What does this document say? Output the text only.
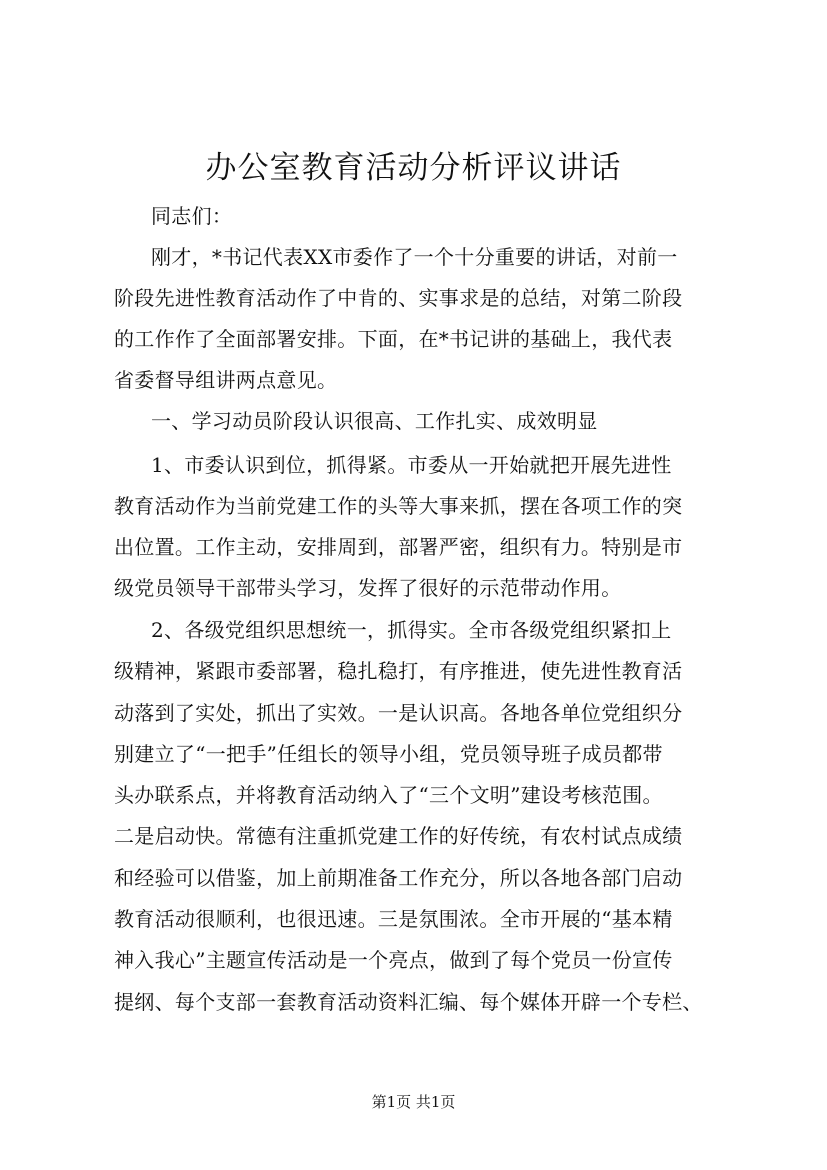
办公室教育活动分析评议讲话
同志们：
刚才，*书记代表XX市委作了一个十分重要的讲话，对前一
阶段先进性教育活动作了中肯的、实事求是的总结，对第二阶段
的工作作了全面部署安排。下面，在*书记讲的基础上，我代表
省委督导组讲两点意见。
一、学习动员阶段认识很高、工作扎实、成效明显
1、市委认识到位，抓得紧。市委从一开始就把开展先进性
教育活动作为当前党建工作的头等大事来抓，摆在各项工作的突
出位置。工作主动，安排周到，部署严密，组织有力。特别是市
级党员领导干部带头学习，发挥了很好的示范带动作用。
2、各级党组织思想统一，抓得实。全市各级党组织紧扣上
级精神，紧跟市委部署，稳扎稳打，有序推进，使先进性教育活
动落到了实处，抓出了实效。一是认识高。各地各单位党组织分
别建立了“一把手”任组长的领导小组，党员领导班子成员都带
头办联系点，并将教育活动纳入了“三个文明”建设考核范围。
二是启动快。常德有注重抓党建工作的好传统，有农村试点成绩
和经验可以借鉴，加上前期准备工作充分，所以各地各部门启动
教育活动很顺利，也很迅速。三是氛围浓。全市开展的“基本精
神入我心”主题宣传活动是一个亮点，做到了每个党员一份宣传
提纲、每个支部一套教育活动资料汇编、每个媒体开辟一个专栏、
第1页 共1页
